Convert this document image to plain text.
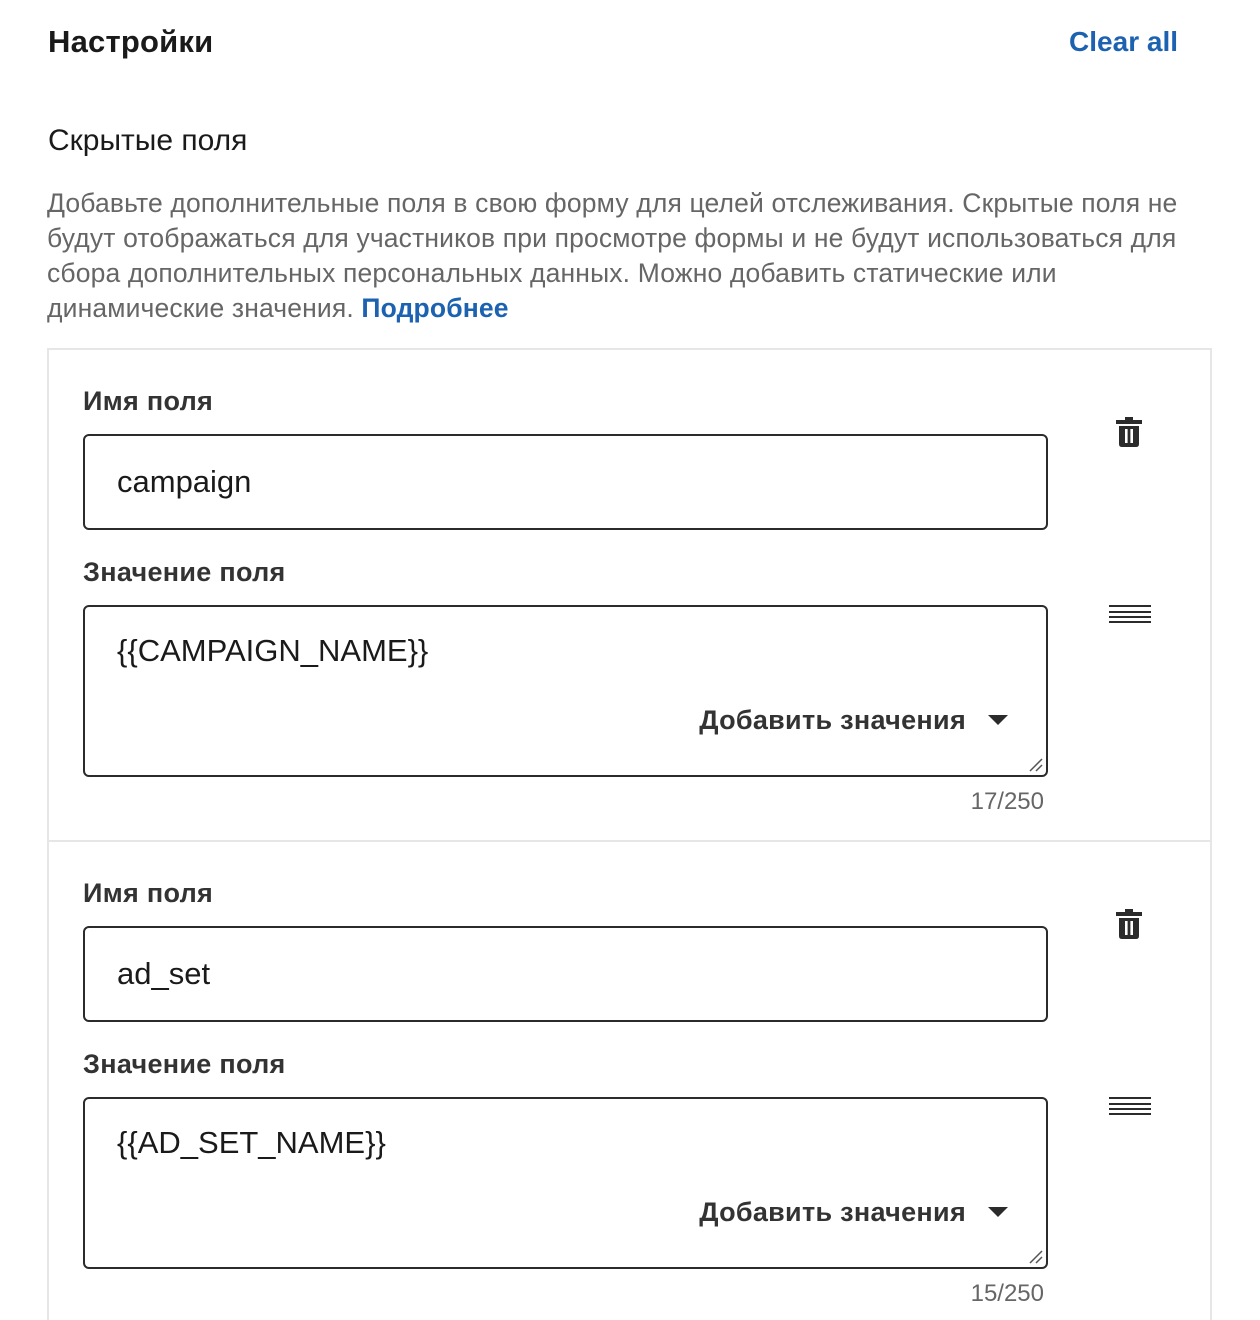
Настройки	Clear all
Скрытые поля

Добавьте дополнительные поля в свою форму для целей отслеживания. Скрытые поля не будут отображаться для участников при просмотре формы и не будут использоваться для сбора дополнительных персональных данных. Можно добавить статические или динамические значения. Подробнее

Имя поля
campaign
Значение поля
{{CAMPAIGN_NAME}}
Добавить значения
17/250
Имя поля
ad_set
Значение поля
{{AD_SET_NAME}}
Добавить значения
15/250
